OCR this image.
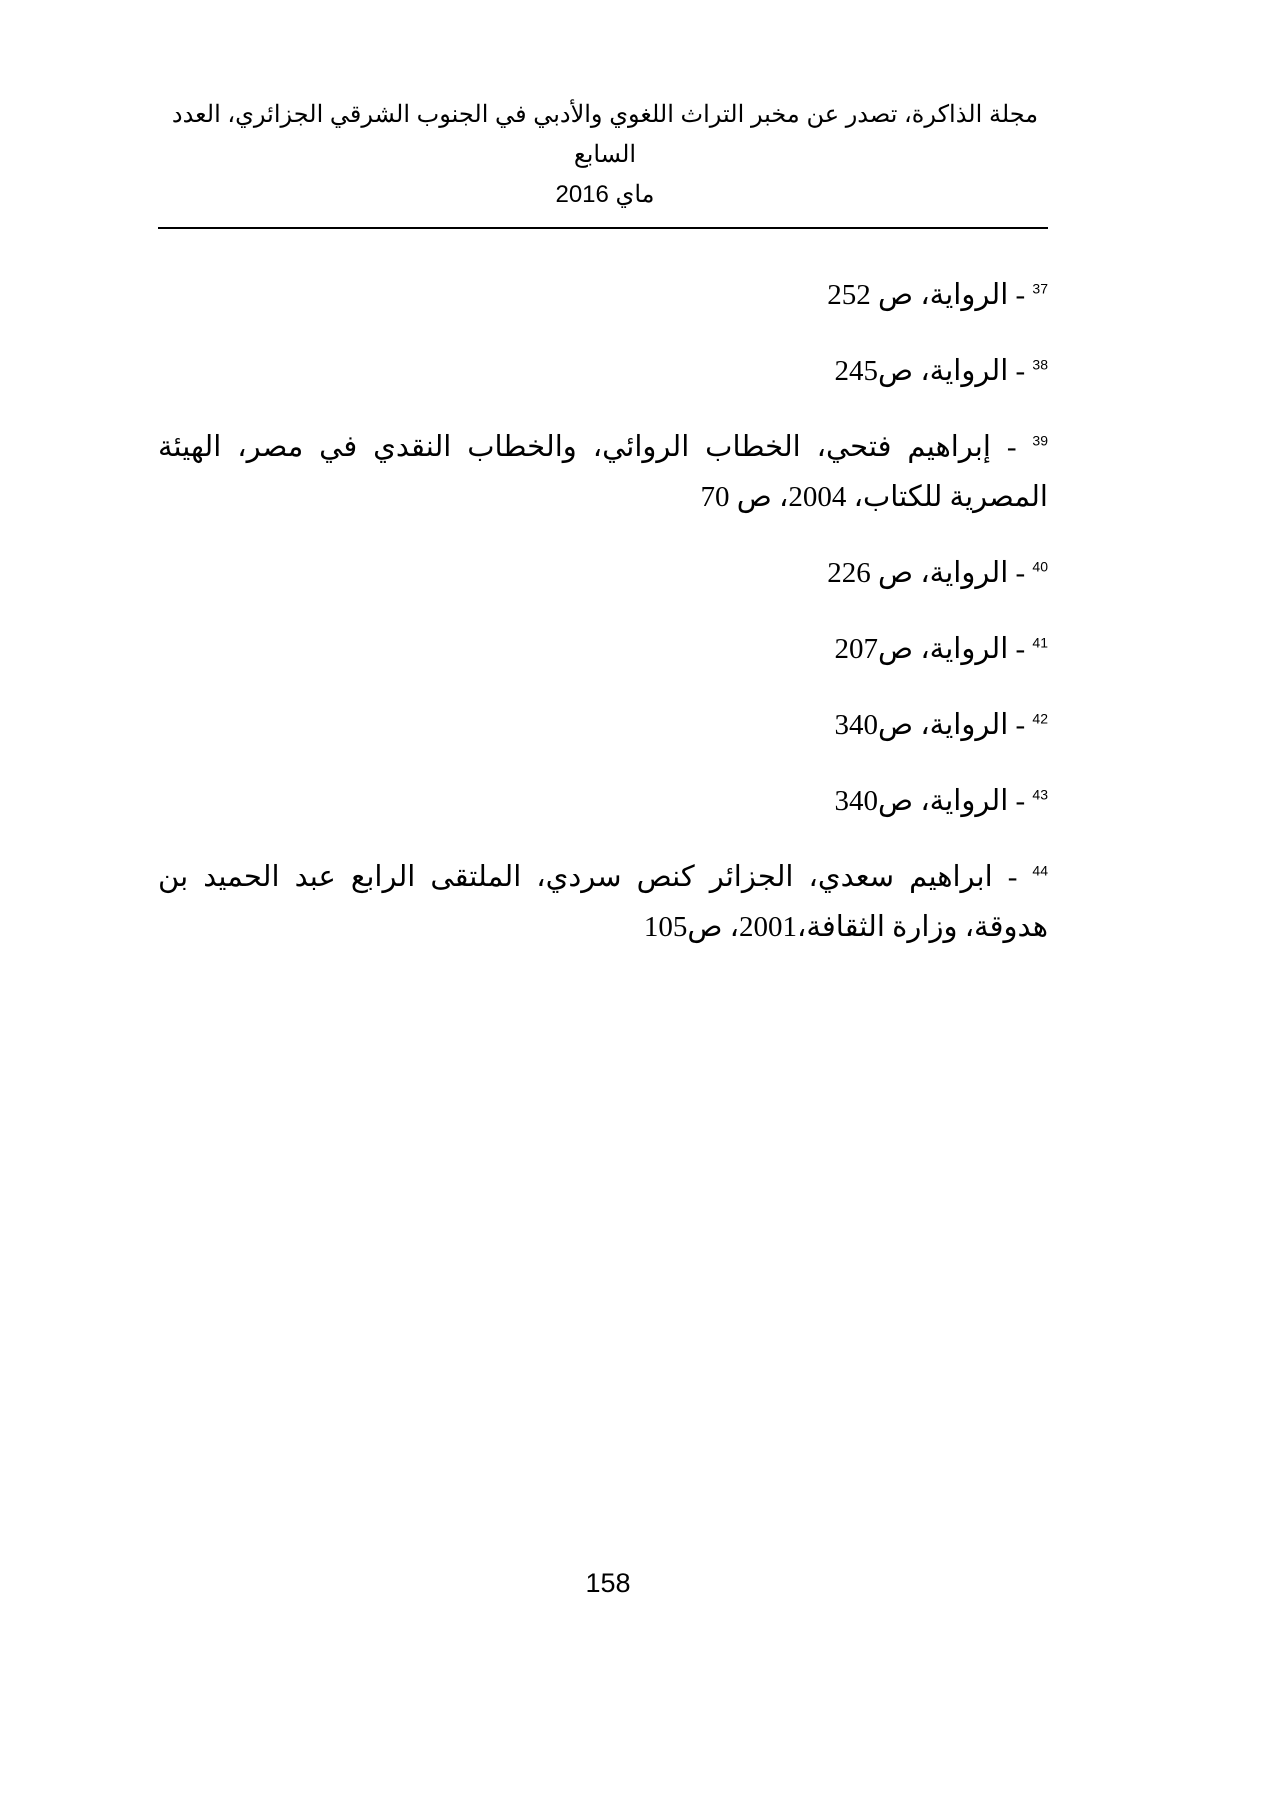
مجلة الذاكرة، تصدر عن مخبر التراث اللغوي والأدبي في الجنوب الشرقي الجزائري، العدد السابع
ماي 2016
$^{37}$ - الرواية، ص 252
$^{38}$ - الرواية، ص245
$^{39}$ - إبراهيم فتحي، الخطاب الروائي، والخطاب النقدي في مصر، الهيئة المصرية للكتاب، 2004، ص 70
$^{40}$ - الرواية، ص 226
$^{41}$ - الرواية، ص207
$^{42}$ - الرواية، ص340
$^{43}$ - الرواية، ص340
$^{44}$ - ابراهيم سعدي، الجزائر كنص سردي، الملتقى الرابع عبد الحميد بن هدوقة، وزارة الثقافة،2001، ص105
158
